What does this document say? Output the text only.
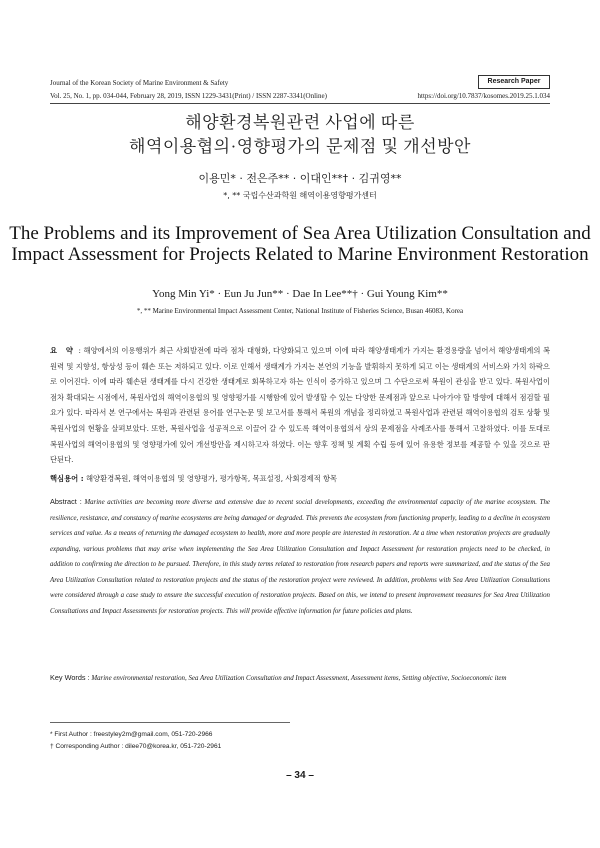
Journal of the Korean Society of Marine Environment & Safety	Research Paper
Vol. 25, No. 1, pp. 034-044, February 28, 2019, ISSN 1229-3431(Print) / ISSN 2287-3341(Online)	https://doi.org/10.7837/kosomes.2019.25.1.034
해양환경복원관련 사업에 따른
해역이용협의·영향평가의 문제점 및 개선방안
이용민* · 전은주** · 이대인**† · 김귀영**
*, ** 국립수산과학원 해역이용영향평가센터
The Problems and its Improvement of Sea Area Utilization Consultation and
Impact Assessment for Projects Related to Marine Environment Restoration
Yong Min Yi* · Eun Ju Jun** · Dae In Lee**† · Gui Young Kim**
*, ** Marine Environmental Impact Assessment Center, National Institute of Fisheries Science, Busan 46083, Korea
요 약 : 해양에서의 이용행위가 최근 사회발전에 따라 점차 대형화, 다양화되고 있으며 이에 따라 해양생태계가 가지는 환경용량을 넘어서 해양생태계의 복원력 및 지향성, 항상성 등이 훼손 또는 저하되고 있다. 이로 인해서 생태계가 가지는 본연의 기능을 발휘하지 못하게 되고 이는 생태계의 서비스와 가치 하락으로 이어진다. 이에 따라 훼손된 생태계를 다시 건강한 생태계로 회복하고자 하는 인식이 증가하고 있으며 그 수단으로써 복원이 관심을 받고 있다. 복원사업이 점차 확대되는 시점에서, 복원사업의 해역이용협의 및 영향평가를 시행함에 있어 발생할 수 있는 다양한 문제점과 앞으로 나아가야 할 방향에 대해서 점검할 필요가 있다. 따라서 본 연구에서는 복원과 관련된 용어를 연구논문 및 보고서를 통해서 복원의 개념을 정리하였고 복원사업과 관련된 해역이용협의 검토 상황 및 복원사업의 현황을 살펴보았다. 또한, 복원사업을 성공적으로 이끌어 갈 수 있도록 해역이용협의서 상의 문제점을 사례조사를 통해서 고찰하였다. 이를 토대로 복원사업의 해역이용협의 및 영향평가에 있어 개선방안을 제시하고자 하였다. 이는 향후 정책 및 계획 수립 등에 있어 유용한 정보를 제공할 수 있을 것으로 판단된다.
핵심용어 : 해양환경복원, 해역이용협의 및 영향평가, 평가항목, 목표설정, 사회경제적 항목
Abstract : Marine activities are becoming more diverse and extensive due to recent social developments, exceeding the environmental capacity of the marine ecosystem. The resilience, resistance, and constancy of marine ecosystems are being damaged or degraded. This prevents the ecosystem from functioning properly, leading to a decline in ecosystem services and value. As a means of returning the damaged ecosystem to health, more and more people are interested in restoration. At a time when restoration projects are gradually expanding, various problems that may arise when implementing the Sea Area Utilization Consultation and Impact Assessment for restoration projects need to be checked, in addition to confirming the direction to be pursued. Therefore, in this study terms related to restoration from research papers and reports were summarized, and the status of the Sea Area Utilization Consultation related to restoration projects and the status of the restoration project were reviewed. In addition, problems with Sea Area Utilization Consultations were considered through a case study to ensure the successful execution of restoration projects. Based on this, we intend to present improvement measures for Sea Area Utilization Consultations and Impact Assessments for restoration projects. This will provide effective information for future policies and plans.
Key Words : Marine environmental restoration, Sea Area Utilization Consultation and Impact Assessment, Assessment items, Setting objective, Socioeconomic item
* First Author : freestyley2m@gmail.com, 051-720-2966
† Corresponding Author : dilee70@korea.kr, 051-720-2961
– 34 –
